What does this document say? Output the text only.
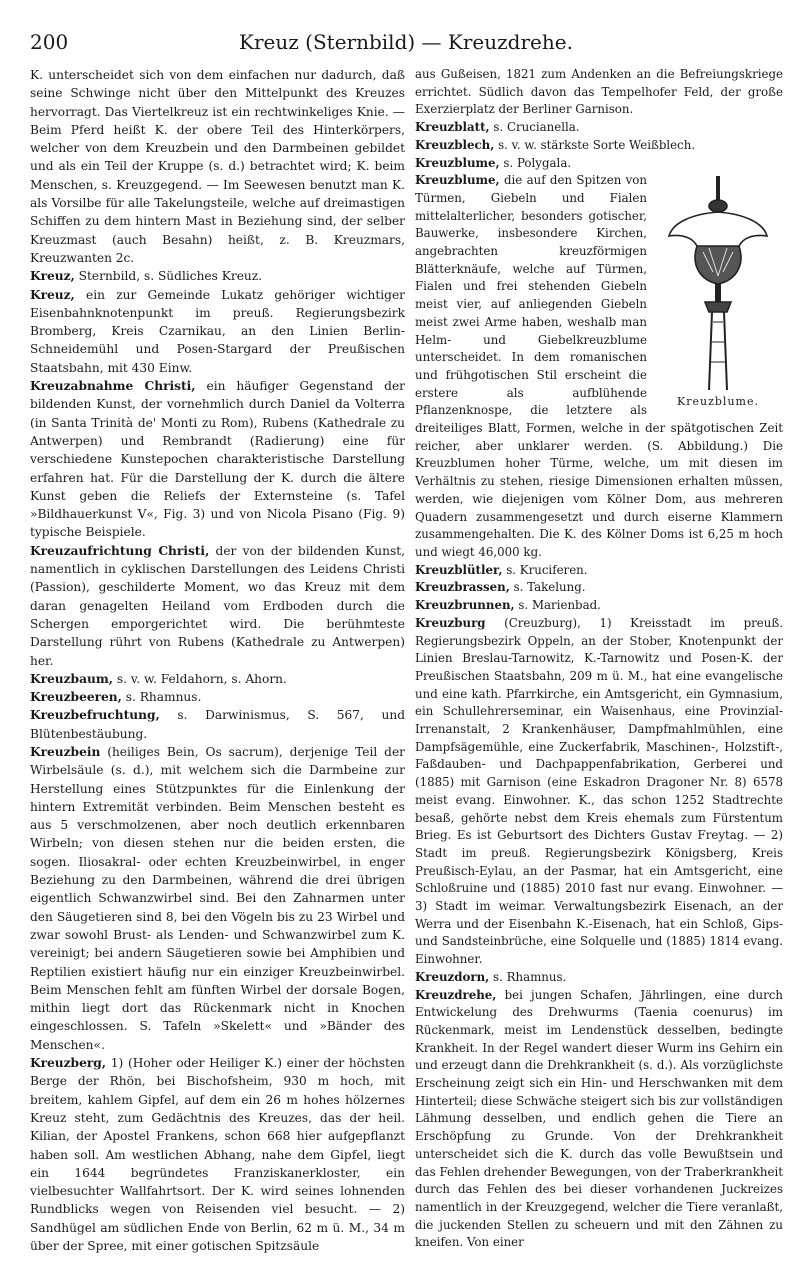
200	Kreuz (Sternbild) — Kreuzdrehe.

K. unterscheidet sich von dem einfachen nur dadurch, daß seine Schwinge nicht über den Mittelpunkt des Kreuzes hervorragt. Das Viertelkreuz ist ein rechtwinkeliges Knie. — Beim Pferd heißt K. der obere Teil des Hinterkörpers, welcher von dem Kreuzbein und den Darmbeinen gebildet und als ein Teil der Kruppe (s. d.) betrachtet wird; K. beim Menschen, s. Kreuzgegend. — Im Seewesen benutzt man K. als Vorsilbe für alle Takelungsteile, welche auf dreimastigen Schiffen zu dem hintern Mast in Beziehung sind, der selber Kreuzmast (auch Besahn) heißt, z. B. Kreuzmars, Kreuzwanten 2c.

Kreuz, Sternbild, s. Südliches Kreuz.

Kreuz, ein zur Gemeinde Lukatz gehöriger wichtiger Eisenbahnknotenpunkt im preuß. Regierungsbezirk Bromberg, Kreis Czarnikau, an den Linien Berlin-Schneidemühl und Posen-Stargard der Preußischen Staatsbahn, mit 430 Einw.

Kreuzabnahme Christi, ein häufiger Gegenstand der bildenden Kunst, der vornehmlich durch Daniel da Volterra (in Santa Trinità de' Monti zu Rom), Rubens (Kathedrale zu Antwerpen) und Rembrandt (Radierung) eine für verschiedene Kunstepochen charakteristische Darstellung erfahren hat. Für die Darstellung der K. durch die ältere Kunst geben die Reliefs der Externsteine (s. Tafel »Bildhauerkunst V«, Fig. 3) und von Nicola Pisano (Fig. 9) typische Beispiele.

Kreuzaufrichtung Christi, der von der bildenden Kunst, namentlich in cyklischen Darstellungen des Leidens Christi (Passion), geschilderte Moment, wo das Kreuz mit dem daran genagelten Heiland vom Erdboden durch die Schergen emporgerichtet wird. Die berühmteste Darstellung rührt von Rubens (Kathedrale zu Antwerpen) her.

Kreuzbaum, s. v. w. Feldahorn, s. Ahorn.

Kreuzbeeren, s. Rhamnus.

Kreuzbefruchtung, s. Darwinismus, S. 567, und Blütenbestäubung.

Kreuzbein (heiliges Bein, Os sacrum), derjenige Teil der Wirbelsäule (s. d.), mit welchem sich die Darmbeine zur Herstellung eines Stützpunktes für die Einlenkung der hintern Extremität verbinden. Beim Menschen besteht es aus 5 verschmolzenen, aber noch deutlich erkennbaren Wirbeln; von diesen stehen nur die beiden ersten, die sogen. Iliosakral- oder echten Kreuzbeinwirbel, in enger Beziehung zu den Darmbeinen, während die drei übrigen eigentlich Schwanzwirbel sind. Bei den Zahnarmen unter den Säugetieren sind 8, bei den Vögeln bis zu 23 Wirbel und zwar sowohl Brust- als Lenden- und Schwanzwirbel zum K. vereinigt; bei andern Säugetieren sowie bei Amphibien und Reptilien existiert häufig nur ein einziger Kreuzbeinwirbel. Beim Menschen fehlt am fünften Wirbel der dorsale Bogen, mithin liegt dort das Rückenmark nicht in Knochen eingeschlossen. S. Tafeln »Skelett« und »Bänder des Menschen«.

Kreuzberg, 1) (Hoher oder Heiliger K.) einer der höchsten Berge der Rhön, bei Bischofsheim, 930 m hoch, mit breitem, kahlem Gipfel, auf dem ein 26 m hohes hölzernes Kreuz steht, zum Gedächtnis des Kreuzes, das der heil. Kilian, der Apostel Frankens, schon 668 hier aufgepflanzt haben soll. Am westlichen Abhang, nahe dem Gipfel, liegt ein 1644 begründetes Franziskanerkloster, ein vielbesuchter Wallfahrtsort. Der K. wird seines lohnenden Rundblicks wegen von Reisenden viel besucht. — 2) Sandhügel am südlichen Ende von Berlin, 62 m ü. M., 34 m über der Spree, mit einer gotischen Spitzsäule

aus Gußeisen, 1821 zum Andenken an die Befreiungskriege errichtet. Südlich davon das Tempelhofer Feld, der große Exerzierplatz der Berliner Garnison.

Kreuzblatt, s. Crucianella.

Kreuzblech, s. v. w. stärkste Sorte Weißblech.

Kreuzblume, s. Polygala.

Kreuzblume,
Kreuzblume.
die auf den Spitzen von Türmen, Giebeln und Fialen mittelalterlicher, besonders gotischer, Bauwerke, insbesondere Kirchen, angebrachten kreuzförmigen Blätterknäufe, welche auf Türmen, Fialen und frei stehenden Giebeln meist vier, auf anliegenden Giebeln meist zwei Arme haben, weshalb man Helm- und Giebelkreuzblume unterscheidet. In dem romanischen und frühgotischen Stil erscheint die erstere als aufblühende Pflanzenknospe, die letztere als dreiteiliges Blatt, Formen, welche in der spätgotischen Zeit reicher, aber unklarer werden. (S. Abbildung.) Die Kreuzblumen hoher Türme, welche, um mit diesen im Verhältnis zu stehen, riesige Dimensionen erhalten müssen, werden, wie diejenigen vom Kölner Dom, aus mehreren Quadern zusammengesetzt und durch eiserne Klammern zusammengehalten. Die K. des Kölner Doms ist 6,25 m hoch und wiegt 46,000 kg.

Kreuzblütler, s. Kruciferen.

Kreuzbrassen, s. Takelung.

Kreuzbrunnen, s. Marienbad.

Kreuzburg (Creuzburg), 1) Kreisstadt im preuß. Regierungsbezirk Oppeln, an der Stober, Knotenpunkt der Linien Breslau-Tarnowitz, K.-Tarnowitz und Posen-K. der Preußischen Staatsbahn, 209 m ü. M., hat eine evangelische und eine kath. Pfarrkirche, ein Amtsgericht, ein Gymnasium, ein Schullehrerseminar, ein Waisenhaus, eine Provinzial-Irrenanstalt, 2 Krankenhäuser, Dampfmahlmühlen, eine Dampfsägemühle, eine Zuckerfabrik, Maschinen-, Holzstift-, Faßdauben- und Dachpappenfabrikation, Gerberei und (1885) mit Garnison (eine Eskadron Dragoner Nr. 8) 6578 meist evang. Einwohner. K., das schon 1252 Stadtrechte besaß, gehörte nebst dem Kreis ehemals zum Fürstentum Brieg. Es ist Geburtsort des Dichters Gustav Freytag. — 2) Stadt im preuß. Regierungsbezirk Königsberg, Kreis Preußisch-Eylau, an der Pasmar, hat ein Amtsgericht, eine Schloßruine und (1885) 2010 fast nur evang. Einwohner. — 3) Stadt im weimar. Verwaltungsbezirk Eisenach, an der Werra und der Eisenbahn K.-Eisenach, hat ein Schloß, Gips- und Sandsteinbrüche, eine Solquelle und (1885) 1814 evang. Einwohner.

Kreuzdorn, s. Rhamnus.

Kreuzdrehe, bei jungen Schafen, Jährlingen, eine durch Entwickelung des Drehwurms (Taenia coenurus) im Rückenmark, meist im Lendenstück desselben, bedingte Krankheit. In der Regel wandert dieser Wurm ins Gehirn ein und erzeugt dann die Drehkrankheit (s. d.). Als vorzüglichste Erscheinung zeigt sich ein Hin- und Herschwanken mit dem Hinterteil; diese Schwäche steigert sich bis zur vollständigen Lähmung desselben, und endlich gehen die Tiere an Erschöpfung zu Grunde. Von der Drehkrankheit unterscheidet sich die K. durch das volle Bewußtsein und das Fehlen drehender Bewegungen, von der Traberkrankheit durch das Fehlen des bei dieser vorhandenen Juckreizes namentlich in der Kreuzgegend, welcher die Tiere veranlaßt, die juckenden Stellen zu scheuern und mit den Zähnen zu kneifen. Von einer
